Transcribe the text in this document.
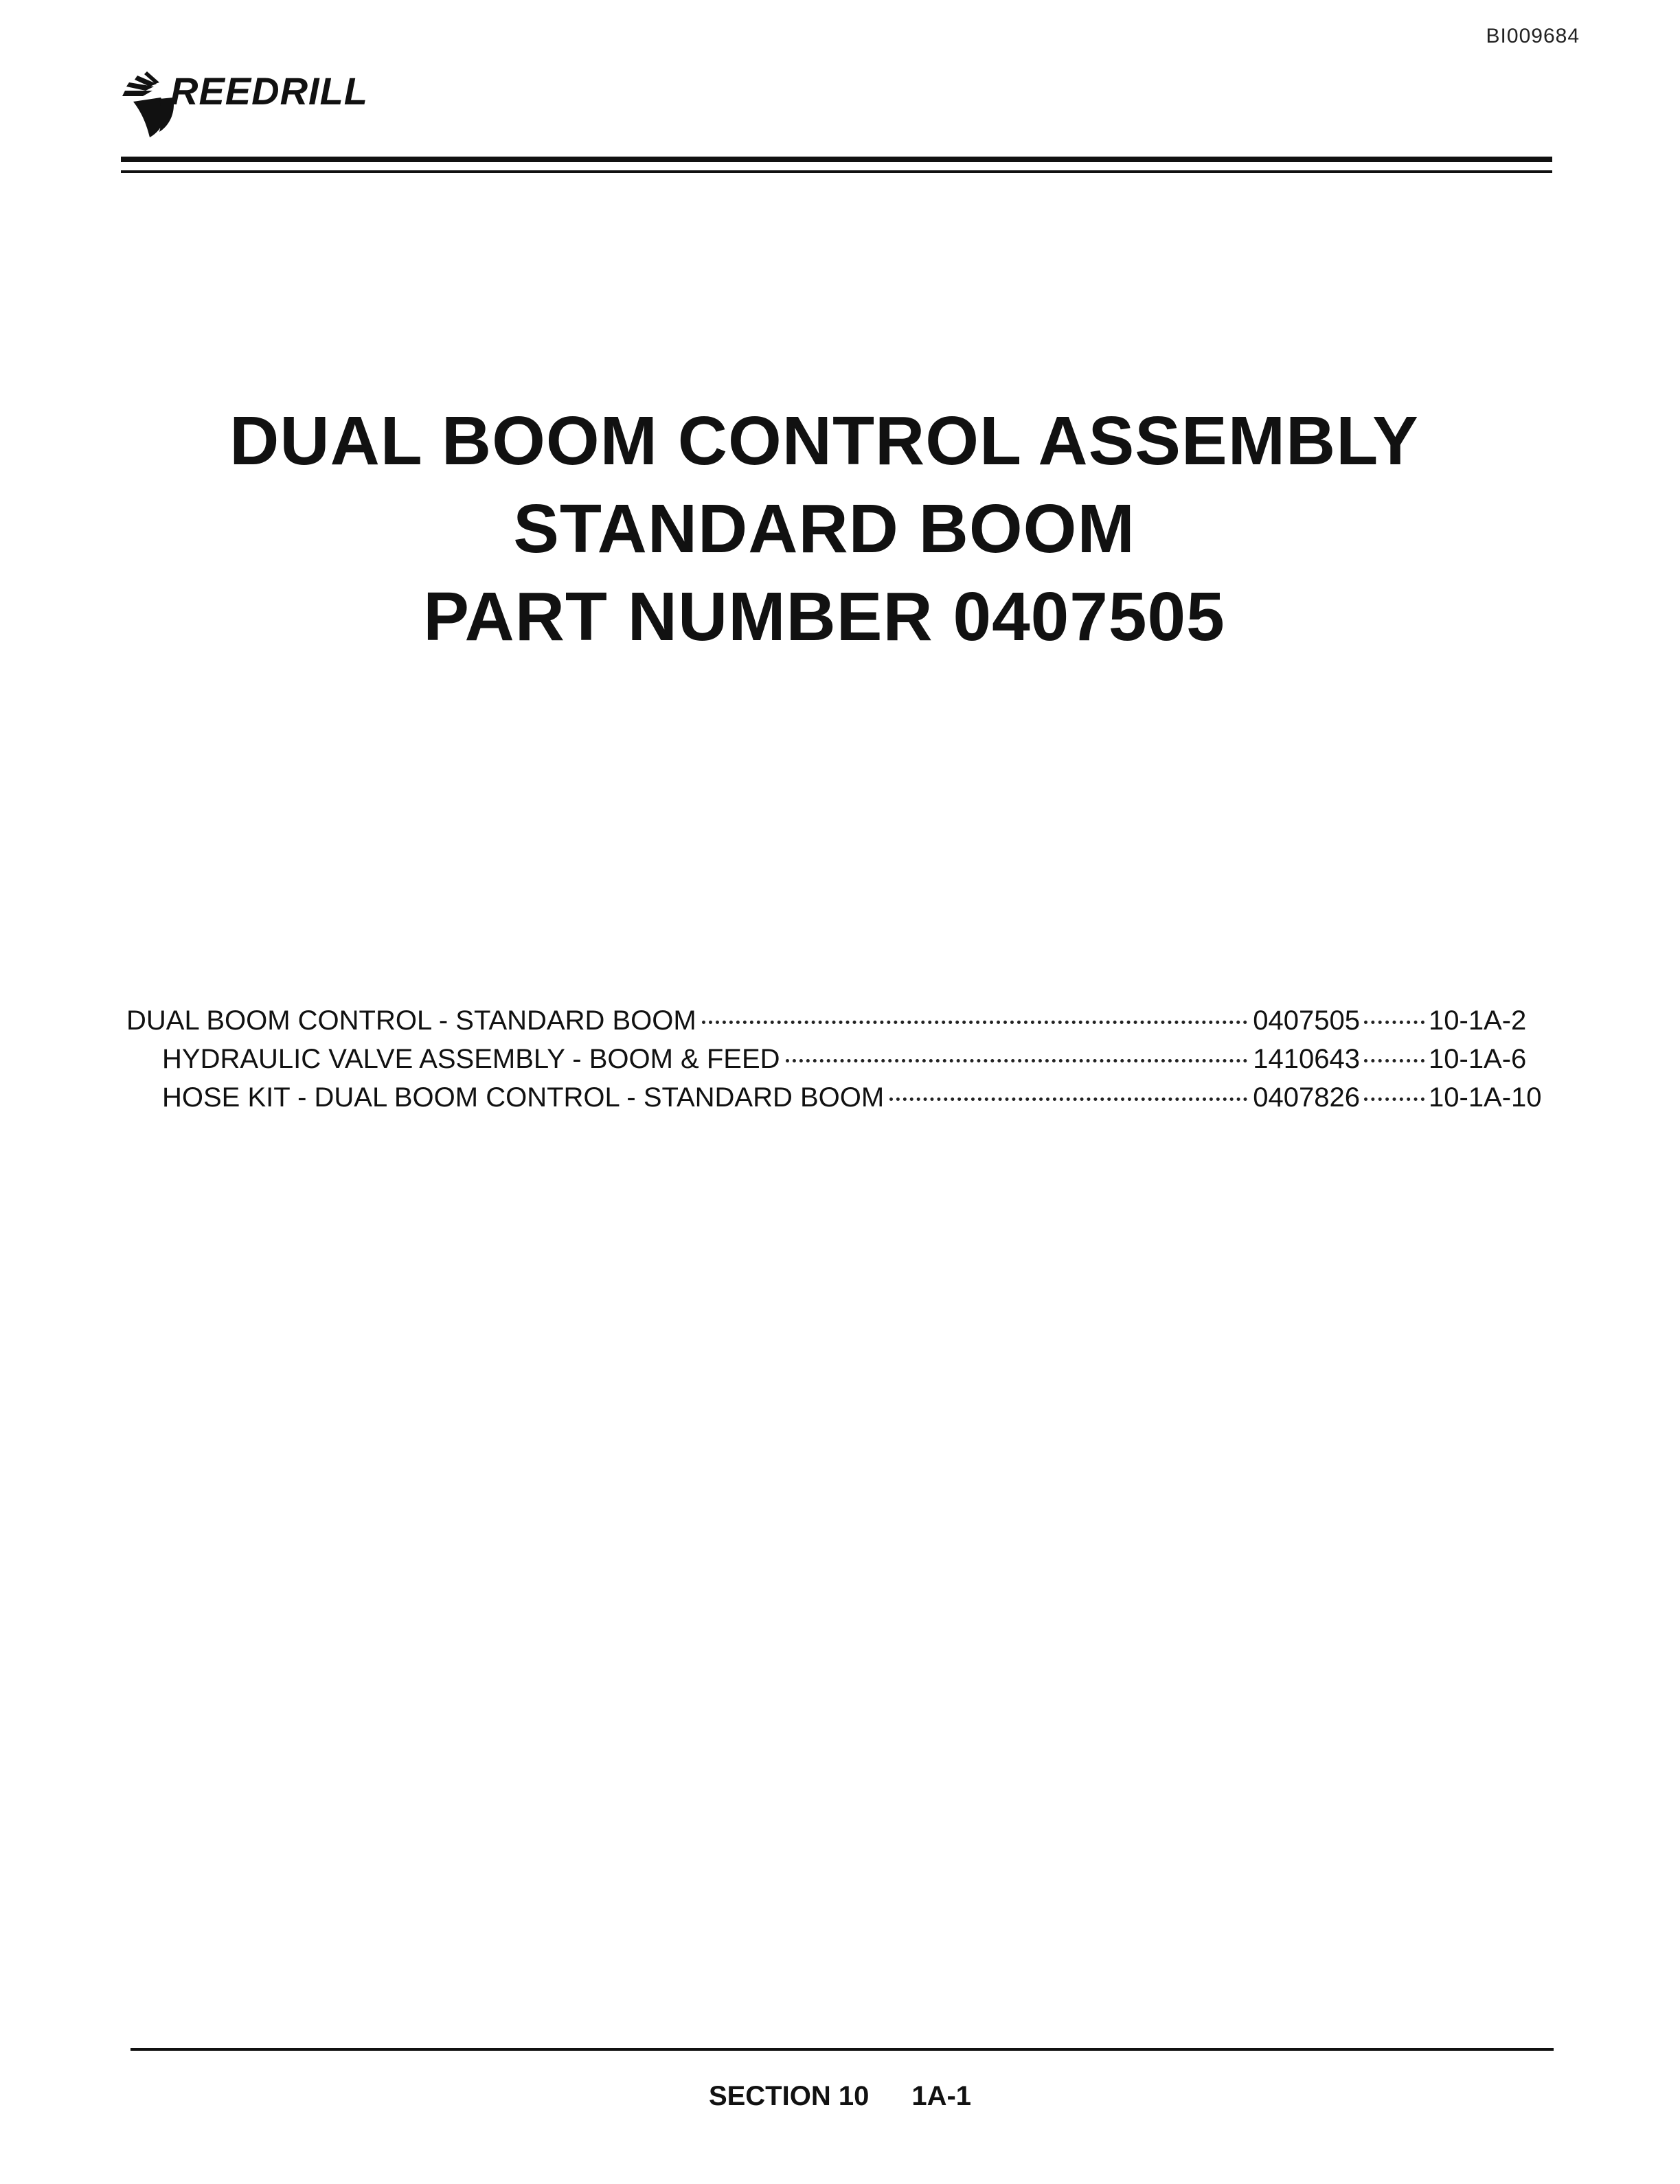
BI009684
REEDRILL
DUAL BOOM CONTROL ASSEMBLY
STANDARD BOOM
PART NUMBER 0407505
DUAL BOOM CONTROL - STANDARD BOOM	0407505	10-1A-2
HYDRAULIC VALVE ASSEMBLY - BOOM & FEED	1410643	10-1A-6
HOSE KIT - DUAL BOOM CONTROL - STANDARD BOOM	0407826	10-1A-10
SECTION 10 1A-1
